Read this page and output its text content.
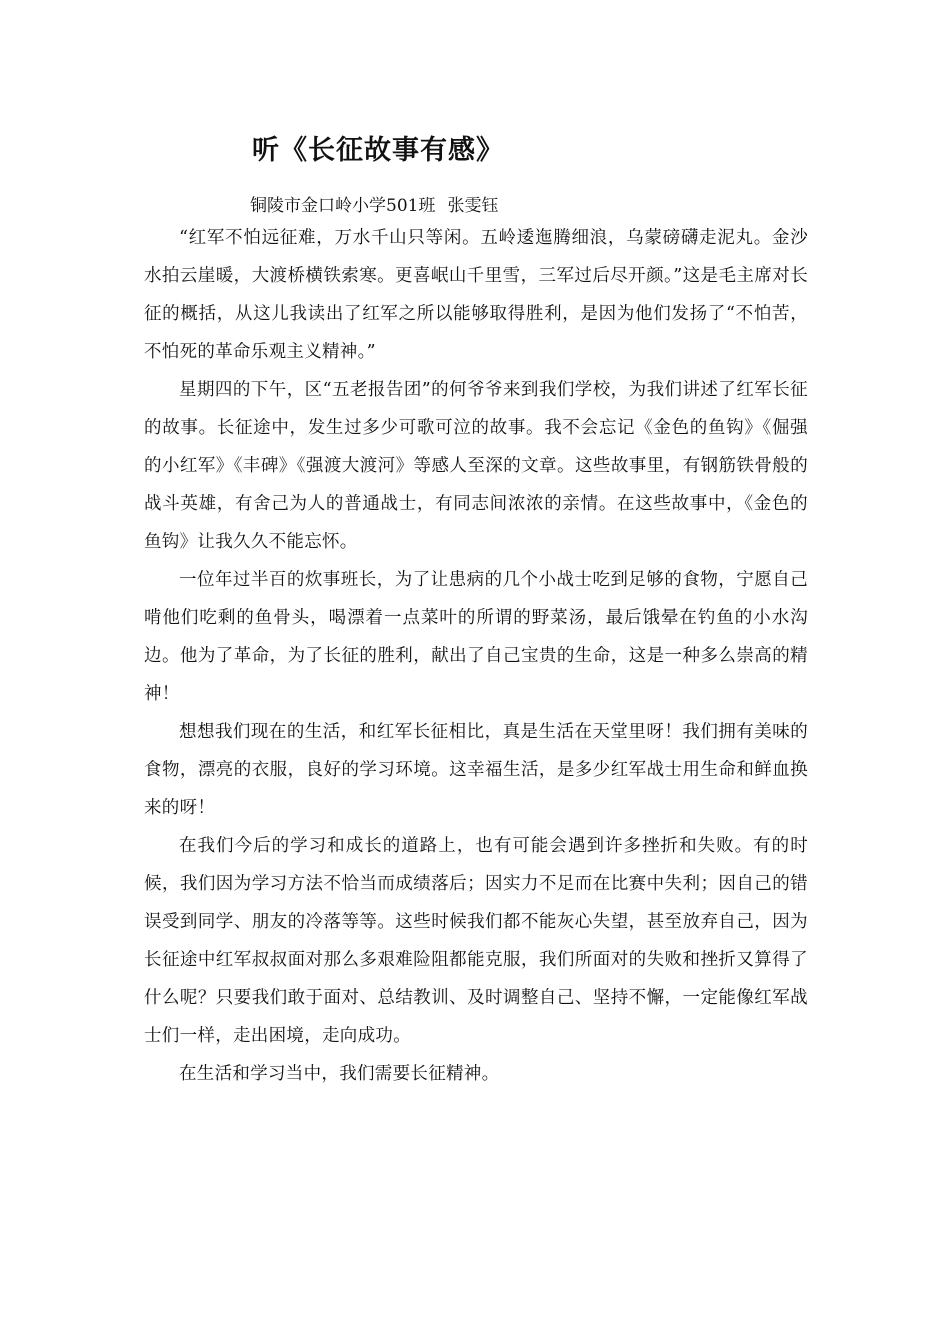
听《长征故事有感》
铜陵市金口岭小学501班 张雯钰

“红军不怕远征难，万水千山只等闲。五岭逶迤腾细浪，乌蒙磅礴走泥丸。金沙水拍云崖暖，大渡桥横铁索寒。更喜岷山千里雪，三军过后尽开颜。”这是毛主席对长征的概括，从这儿我读出了红军之所以能够取得胜利，是因为他们发扬了“不怕苦，不怕死的革命乐观主义精神。”

星期四的下午，区“五老报告团”的何爷爷来到我们学校，为我们讲述了红军长征的故事。长征途中，发生过多少可歌可泣的故事。我不会忘记《金色的鱼钩》《倔强的小红军》《丰碑》《强渡大渡河》等感人至深的文章。这些故事里，有钢筋铁骨般的战斗英雄，有舍己为人的普通战士，有同志间浓浓的亲情。在这些故事中，《金色的鱼钩》让我久久不能忘怀。

一位年过半百的炊事班长，为了让患病的几个小战士吃到足够的食物，宁愿自己啃他们吃剩的鱼骨头，喝漂着一点菜叶的所谓的野菜汤，最后饿晕在钓鱼的小水沟边。他为了革命，为了长征的胜利，献出了自己宝贵的生命，这是一种多么崇高的精神！

想想我们现在的生活，和红军长征相比，真是生活在天堂里呀！我们拥有美味的食物，漂亮的衣服，良好的学习环境。这幸福生活，是多少红军战士用生命和鲜血换来的呀！

在我们今后的学习和成长的道路上，也有可能会遇到许多挫折和失败。有的时候，我们因为学习方法不恰当而成绩落后；因实力不足而在比赛中失利；因自己的错误受到同学、朋友的冷落等等。这些时候我们都不能灰心失望，甚至放弃自己，因为长征途中红军叔叔面对那么多艰难险阻都能克服，我们所面对的失败和挫折又算得了什么呢？只要我们敢于面对、总结教训、及时调整自己、坚持不懈，一定能像红军战士们一样，走出困境，走向成功。

在生活和学习当中，我们需要长征精神。
